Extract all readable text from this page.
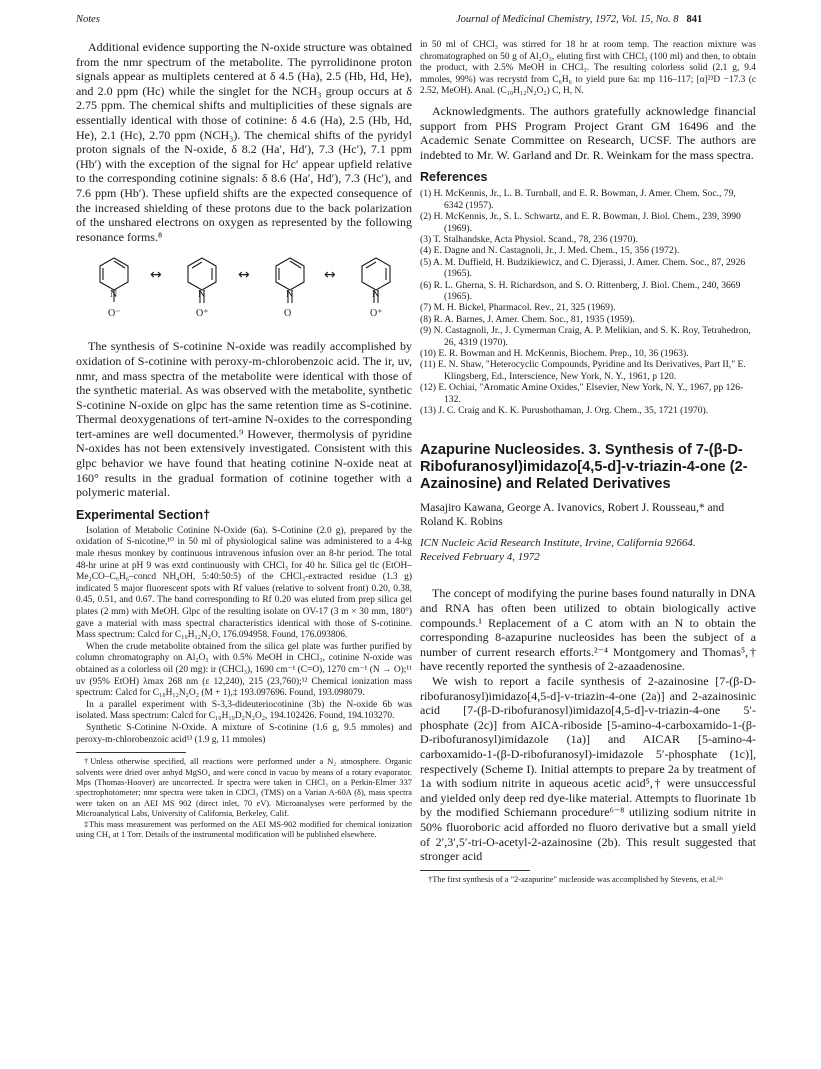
Notes	Journal of Medicinal Chemistry, 1972, Vol. 15, No. 8 841

Additional evidence supporting the N-oxide structure was obtained from the nmr spectrum of the metabolite. The pyrrolidinone proton signals appear as multiplets centered at δ 4.5 (Ha), 2.5 (Hb, Hd, He), and 2.0 ppm (Hc) while the singlet for the NCH₃ group occurs at δ 2.75 ppm. The chemical shifts and multiplicities of these signals are essentially identical with those of cotinine: δ 4.6 (Ha), 2.5 (Hb, Hd, He), 2.1 (Hc), 2.70 ppm (NCH₃). The chemical shifts of the pyridyl proton signals of the N-oxide, δ 8.2 (Ha′, Hd′), 7.3 (Hc′), 7.1 ppm (Hb′) with the exception of the signal for Hc′ appear upfield relative to the corresponding cotinine signals: δ 8.6 (Ha′, Hd′), 7.3 (Hc′), and 7.6 ppm (Hb′). These upfield shifts are the expected consequence of the increased shielding of these protons due to the back polarization of the unshared electrons on oxygen as represented by the following resonance forms.⁸

N
O⁻
N
O⁺
N
O
N
O⁺
↔	↔	↔

The synthesis of S-cotinine N-oxide was readily accomplished by oxidation of S-cotinine with peroxy-m-chlorobenzoic acid. The ir, uv, nmr, and mass spectra of the metabolite were identical with those of the synthetic material. As was observed with the metabolite, synthetic S-cotinine N-oxide on glpc has the same retention time as S-cotinine. Thermal deoxygenations of tert-amine N-oxides to the corresponding tert-amines are well documented.⁹ However, thermolysis of pyridine N-oxides has not been extensively investigated. Consistent with this glpc behavior we have found that heating cotinine N-oxide neat at 160° results in the gradual formation of cotinine together with a polymeric material.

Experimental Section†

Isolation of Metabolic Cotinine N-Oxide (6a). S-Cotinine (2.0 g), prepared by the oxidation of S-nicotine,¹⁰ in 50 ml of physiological saline was administered to a 4-kg male rhesus monkey by continuous intravenous infusion over an 8-hr period. The total 48-hr urine at pH 9 was extd continuously with CHCl₃ for 40 hr. Silica gel tlc (EtOH–Me₂CO–C₆H₆–concd NH₄OH, 5:40:50:5) of the CHCl₃-extracted residue (1.3 g) indicated 5 major fluorescent spots with Rf values (relative to solvent front) 0.20, 0.38, 0.45, 0.51, and 0.67. The band corresponding to Rf 0.20 was eluted from prep silica gel plates (2 mm) with MeOH. Glpc of the resulting isolate on OV-17 (3 m × 30 mm, 180°) gave a material with mass spectral characteristics identical with those of S-cotinine. Mass spectrum: Calcd for C₁₀H₁₂N₂O, 176.094958. Found, 176.093806.

When the crude metabolite obtained from the silica gel plate was further purified by column chromatography on Al₂O₃ with 0.5% MeOH in CHCl₃, cotinine N-oxide was obtained as a colorless oil (20 mg): ir (CHCl₃), 1690 cm⁻¹ (C=O), 1270 cm⁻¹ (N → O);¹¹ uv (95% EtOH) λmax 268 nm (ε 12,240), 215 (23,760);¹² Chemical ionization mass spectrum: Calcd for C₁₀H₁₂N₂O₂ (M + 1),‡ 193.097696. Found, 193.098079.

In a parallel experiment with S-3,3-dideuteriocotinine (3b) the N-oxide 6b was isolated. Mass spectrum: Calcd for C₁₀H₁₀D₂N₂O₂, 194.102426. Found, 194.103270.

Synthetic S-Cotinine N-Oxide. A mixture of S-cotinine (1.6 g, 9.5 mmoles) and peroxy-m-chlorobenzoic acid¹³ (1.9 g, 11 mmoles)

†Unless otherwise specified, all reactions were performed under a N₂ atmosphere. Organic solvents were dried over anhyd MgSO₄ and were concd in vacuo by means of a rotary evaporator. Mps (Thomas-Hoover) are uncorrected. Ir spectra were taken in CHCl₃ on a Perkin-Elmer 337 spectrophotometer; nmr spectra were taken in CDCl₃ (TMS) on a Varian A-60A (δ), mass spectra were taken on an AEI MS 902 (direct inlet, 70 eV). Microanalyses were performed by the Microanalytical Labs, University of California, Berkeley, Calif.

‡This mass measurement was performed on the AEI MS-902 modified for chemical ionization using CH₄ at 1 Torr. Details of the instrumental modification will be published elsewhere.

in 50 ml of CHCl₃ was stirred for 18 hr at room temp. The reaction mixture was chromatographed on 50 g of Al₂O₃, eluting first with CHCl₃ (100 ml) and then, to obtain the product, with 2.5% MeOH in CHCl₃. The resulting colorless solid (2.1 g, 9.4 mmoles, 99%) was recrystd from C₆H₆ to yield pure 6a: mp 116–117; [α]²³D −17.3 (c 2.52, MeOH). Anal. (C₁₀H₁₂N₂O₂) C, H, N.

Acknowledgments. The authors gratefully acknowledge financial support from PHS Program Project Grant GM 16496 and the Academic Senate Committee on Research, UCSF. The authors are indebted to Mr. W. Garland and Dr. R. Weinkam for the mass spectra.

References
(1) H. McKennis, Jr., L. B. Turnball, and E. R. Bowman, J. Amer. Chem. Soc., 79, 6342 (1957).
(2) H. McKennis, Jr., S. L. Schwartz, and E. R. Bowman, J. Biol. Chem., 239, 3990 (1969).
(3) T. Stalhandske, Acta Physiol. Scand., 78, 236 (1970).
(4) E. Dagne and N. Castagnoli, Jr., J. Med. Chem., 15, 356 (1972).
(5) A. M. Duffield, H. Budzikiewicz, and C. Djerassi, J. Amer. Chem. Soc., 87, 2926 (1965).
(6) R. L. Gherna, S. H. Richardson, and S. O. Rittenberg, J. Biol. Chem., 240, 3669 (1965).
(7) M. H. Bickel, Pharmacol. Rev., 21, 325 (1969).
(8) R. A. Barnes, J. Amer. Chem. Soc., 81, 1935 (1959).
(9) N. Castagnoli, Jr., J. Cymerman Craig, A. P. Melikian, and S. K. Roy, Tetrahedron, 26, 4319 (1970).
(10) E. R. Bowman and H. McKennis, Biochem. Prep., 10, 36 (1963).
(11) E. N. Shaw, "Heterocyclic Compounds, Pyridine and Its Derivatives, Part II," E. Klingsberg, Ed., Interscience, New York, N. Y., 1961, p 120.
(12) E. Ochiai, "Aromatic Amine Oxides," Elsevier, New York, N. Y., 1967, pp 126-132.
(13) J. C. Craig and K. K. Purushothaman, J. Org. Chem., 35, 1721 (1970).
Azapurine Nucleosides. 3. Synthesis of 7-(β-D-Ribofuranosyl)imidazo[4,5-d]-v-triazin-4-one (2-Azainosine) and Related Derivatives
Masajiro Kawana, George A. Ivanovics, Robert J. Rousseau,* and Roland K. Robins
ICN Nucleic Acid Research Institute, Irvine, California 92664.
Received February 4, 1972

The concept of modifying the purine bases found naturally in DNA and RNA has often been utilized to obtain biologically active compounds.¹ Replacement of a C atom with an N to obtain the corresponding 8-azapurine nucleosides has been the subject of a number of current research efforts.²⁻⁴ Montgomery and Thomas⁵,† have recently reported the synthesis of 2-azaadenosine.

We wish to report a facile synthesis of 2-azainosine [7-(β-D-ribofuranosyl)imidazo[4,5-d]-v-triazin-4-one (2a)] and 2-azainosinic acid [7-(β-D-ribofuranosyl)imidazo[4,5-d]-v-triazin-4-one 5′-phosphate (2c)] from AICA-riboside [5-amino-4-carboxamido-1-(β-D-ribofuranosyl)imidazole (1a)] and AICAR [5-amino-4-carboxamido-1-(β-D-ribofuranosyl)-imidazole 5′-phosphate (1c)], respectively (Scheme I). Initial attempts to prepare 2a by treatment of 1a with sodium nitrite in aqueous acetic acid⁵,† were unsuccessful and yielded only deep red dye-like material. Attempts to fluorinate 1b by the modified Schiemann procedure⁶⁻⁸ utilizing sodium nitrite in 50% fluoroboric acid afforded no fluoro derivative but a small yield of 2′,3′,5′-tri-O-acetyl-2-azainosine (2b). This result suggested that stronger acid

†The first synthesis of a "2-azapurine" nucleoside was accomplished by Stevens, et al.⁶ᵇ
